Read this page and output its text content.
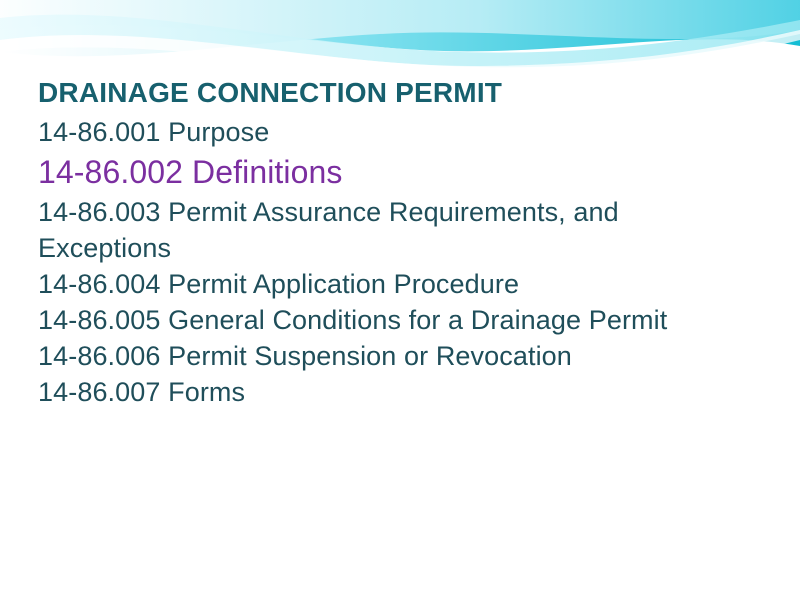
DRAINAGE CONNECTION PERMIT
14-86.001 Purpose
14-86.002 Definitions
14-86.003 Permit Assurance Requirements, and Exceptions
14-86.004 Permit Application Procedure
14-86.005 General Conditions for a Drainage Permit
14-86.006 Permit Suspension or Revocation
14-86.007 Forms
